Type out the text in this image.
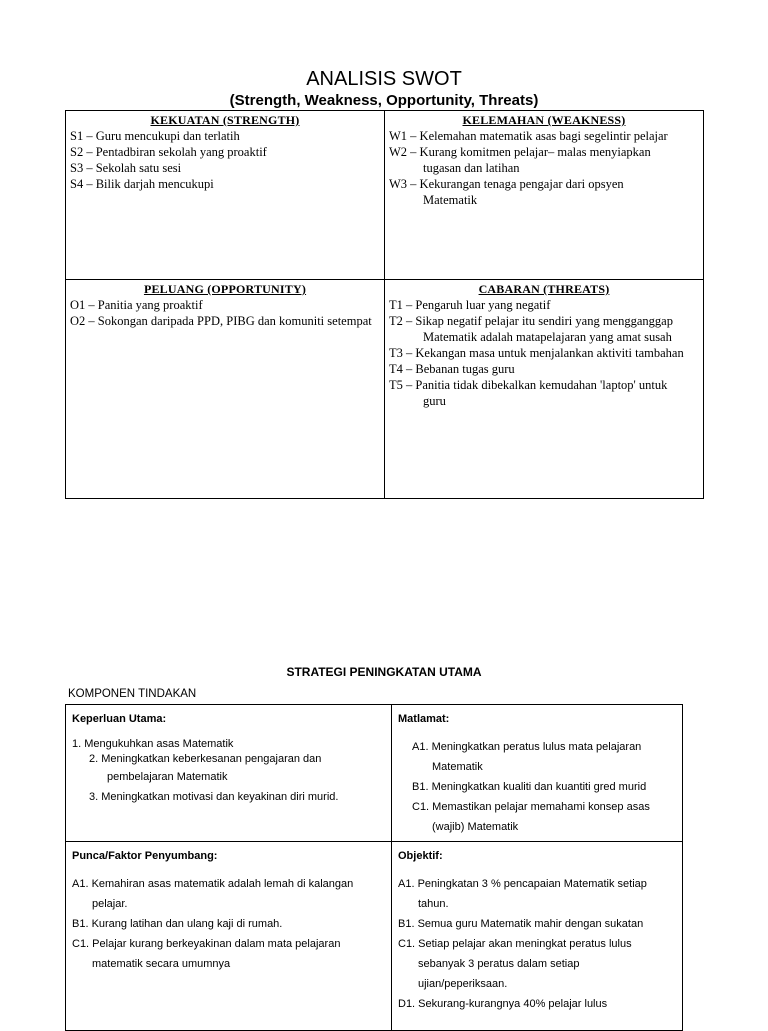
ANALISIS SWOT
(Strength, Weakness, Opportunity, Threats)
KEKUATAN (STRENGTH)
S1 – Guru mencukupi dan terlatih
S2 – Pentadbiran sekolah yang proaktif
S3 – Sekolah satu sesi
S4 – Bilik darjah mencukupi
KELEMAHAN (WEAKNESS)
W1 – Kelemahan matematik asas bagi segelintir pelajar
W2 – Kurang komitmen pelajar– malas menyiapkan
tugasan dan latihan
W3 – Kekurangan tenaga pengajar dari opsyen
Matematik
PELUANG (OPPORTUNITY)
O1 – Panitia yang proaktif
O2 – Sokongan daripada PPD, PIBG dan komuniti setempat
CABARAN (THREATS)
T1 – Pengaruh luar yang negatif
T2 – Sikap negatif pelajar itu sendiri yang mengganggap
Matematik adalah matapelajaran yang amat susah
T3 – Kekangan masa untuk menjalankan aktiviti tambahan
T4 – Bebanan tugas guru
T5 – Panitia tidak dibekalkan kemudahan 'laptop' untuk
guru
STRATEGI PENINGKATAN UTAMA
KOMPONEN TINDAKAN
Keperluan Utama:
1. Mengukuhkan asas Matematik
2. Meningkatkan keberkesanan pengajaran dan
pembelajaran Matematik
3. Meningkatkan motivasi dan keyakinan diri murid.
Matlamat:
A1. Meningkatkan peratus lulus mata pelajaran
Matematik
B1. Meningkatkan kualiti dan kuantiti gred murid
C1. Memastikan pelajar memahami konsep asas
(wajib) Matematik
Punca/Faktor Penyumbang:
A1. Kemahiran asas matematik adalah lemah di kalangan
pelajar.
B1. Kurang latihan dan ulang kaji di rumah.
C1. Pelajar kurang berkeyakinan dalam mata pelajaran
matematik secara umumnya
Objektif:
A1. Peningkatan 3 % pencapaian Matematik setiap
tahun.
B1. Semua guru Matematik mahir dengan sukatan
C1. Setiap pelajar akan meningkat peratus lulus
sebanyak 3 peratus dalam setiap
ujian/peperiksaan.
D1. Sekurang-kurangnya 40% pelajar lulus
